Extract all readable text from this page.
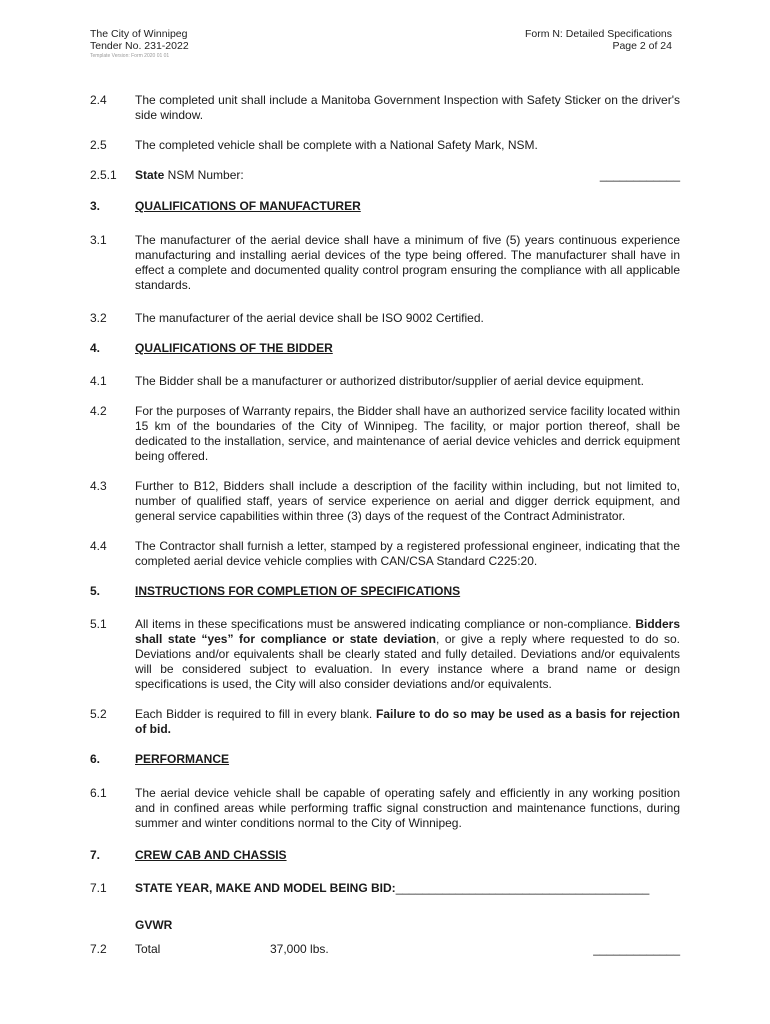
The City of Winnipeg
Tender No. 231-2022
Template Version: Form 2020 01 01
Form N: Detailed Specifications
Page 2 of 24
2.4	The completed unit shall include a Manitoba Government Inspection with Safety Sticker on the driver's side window.
2.5	The completed vehicle shall be complete with a National Safety Mark, NSM.
2.5.1	State NSM Number:	____________
3.	QUALIFICATIONS OF MANUFACTURER
3.1	The manufacturer of the aerial device shall have a minimum of five (5) years continuous experience manufacturing and installing aerial devices of the type being offered. The manufacturer shall have in effect a complete and documented quality control program ensuring the compliance with all applicable standards.
3.2	The manufacturer of the aerial device shall be ISO 9002 Certified.
4.	QUALIFICATIONS OF THE BIDDER
4.1	The Bidder shall be a manufacturer or authorized distributor/supplier of aerial device equipment.
4.2	For the purposes of Warranty repairs, the Bidder shall have an authorized service facility located within 15 km of the boundaries of the City of Winnipeg. The facility, or major portion thereof, shall be dedicated to the installation, service, and maintenance of aerial device vehicles and derrick equipment being offered.
4.3	Further to B12, Bidders shall include a description of the facility within including, but not limited to, number of qualified staff, years of service experience on aerial and digger derrick equipment, and general service capabilities within three (3) days of the request of the Contract Administrator.
4.4	The Contractor shall furnish a letter, stamped by a registered professional engineer, indicating that the completed aerial device vehicle complies with CAN/CSA Standard C225:20.
5.	INSTRUCTIONS FOR COMPLETION OF SPECIFICATIONS
5.1	All items in these specifications must be answered indicating compliance or non-compliance. Bidders shall state “yes” for compliance or state deviation, or give a reply where requested to do so. Deviations and/or equivalents shall be clearly stated and fully detailed. Deviations and/or equivalents will be considered subject to evaluation. In every instance where a brand name or design specifications is used, the City will also consider deviations and/or equivalents.
5.2	Each Bidder is required to fill in every blank. Failure to do so may be used as a basis for rejection of bid.
6.	PERFORMANCE
6.1	The aerial device vehicle shall be capable of operating safely and efficiently in any working position and in confined areas while performing traffic signal construction and maintenance functions, during summer and winter conditions normal to the City of Winnipeg.
7.	CREW CAB AND CHASSIS
7.1	STATE YEAR, MAKE AND MODEL BEING BID:______________________________________
GVWR
7.2	Total	37,000 lbs.	_____________
